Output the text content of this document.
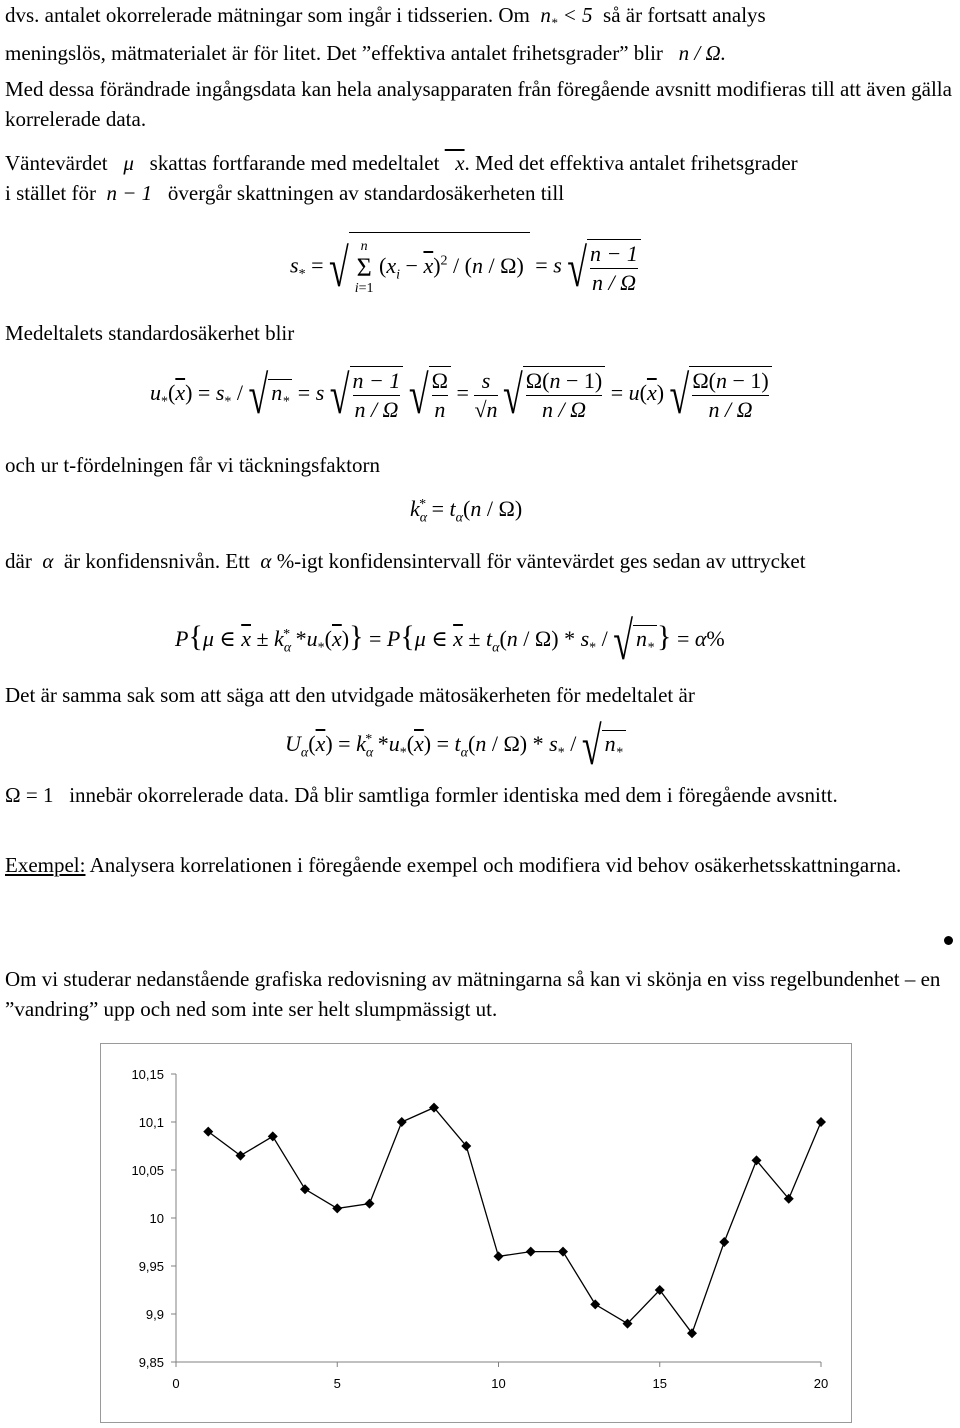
dvs. antalet okorrelerade mätningar som ingår i tidsserien. Om  $n_* < 5$  så är fortsatt analys
meningslös, mätmaterialet är för litet. Det ”effektiva antalet frihetsgrader” blir   n / Ω.
Med dessa förändrade ingångsdata kan hela analysapparaten från föregående avsnitt modifieras till att även gälla korrelerade data.
Väntevärdet   μ   skattas fortfarande med medeltalet   x. Med det effektiva antalet frihetsgrader
i stället för  n − 1   övergår skattningen av standardosäkerheten till
$s_*$ = √ n
Σ
i=1 $(x_i - \overline{x})^2 / (n / \Omega) = s$ √ $\frac{n - 1}{n / \Omega}$
Medeltalets standardosäkerhet blir
$u_*(\overline{x}) = s_*$ / √ $n_* = s$ √ $\frac{n - 1}{n / \Omega}$ √ $\frac{\Omega}{n} = \frac{s}{√n}$ √ $\frac{\Omega(n - 1)}{n / \Omega} = u(\overline{x})$ √ $\frac{\Omega(n - 1)}{n / \Omega}$
och ur t-fördelningen får vi täckningsfaktorn
$k_\alpha^* = t_\alpha(n / \Omega)$
där  α  är konfidensnivån. Ett  α %-igt konfidensintervall för väntevärdet ges sedan av uttrycket
P{μ ∈ $\overline{x} \pm k_\alpha^*$ $*u_*(\overline{x})\} = P\{\mu$ ∈ $\overline{x} \pm t_\alpha(n / \Omega) * s_*$ / √ $n_*$ } = α%
Det är samma sak som att säga att den utvidgade mätosäkerheten för medeltalet är
$U_\alpha(\overline{x}) = k_\alpha^*$ $*u_*(\overline{x}) = t_\alpha(n / \Omega) * s_*$ / √ $n_*$
Ω = 1   innebär okorrelerade data. Då blir samtliga formler identiska med dem i föregående avsnitt.
Exempel: Analysera korrelationen i föregående exempel och modifiera vid behov osäkerhetsskattningarna.
Om vi studerar nedanstående grafiska redovisning av mätningarna så kan vi skönja en viss regelbundenhet – en ”vandring” upp och ned som inte ser helt slumpmässigt ut.
10,15
10,1
10,05
10
9,95
9,9
9,85
0	5	10	15	20
